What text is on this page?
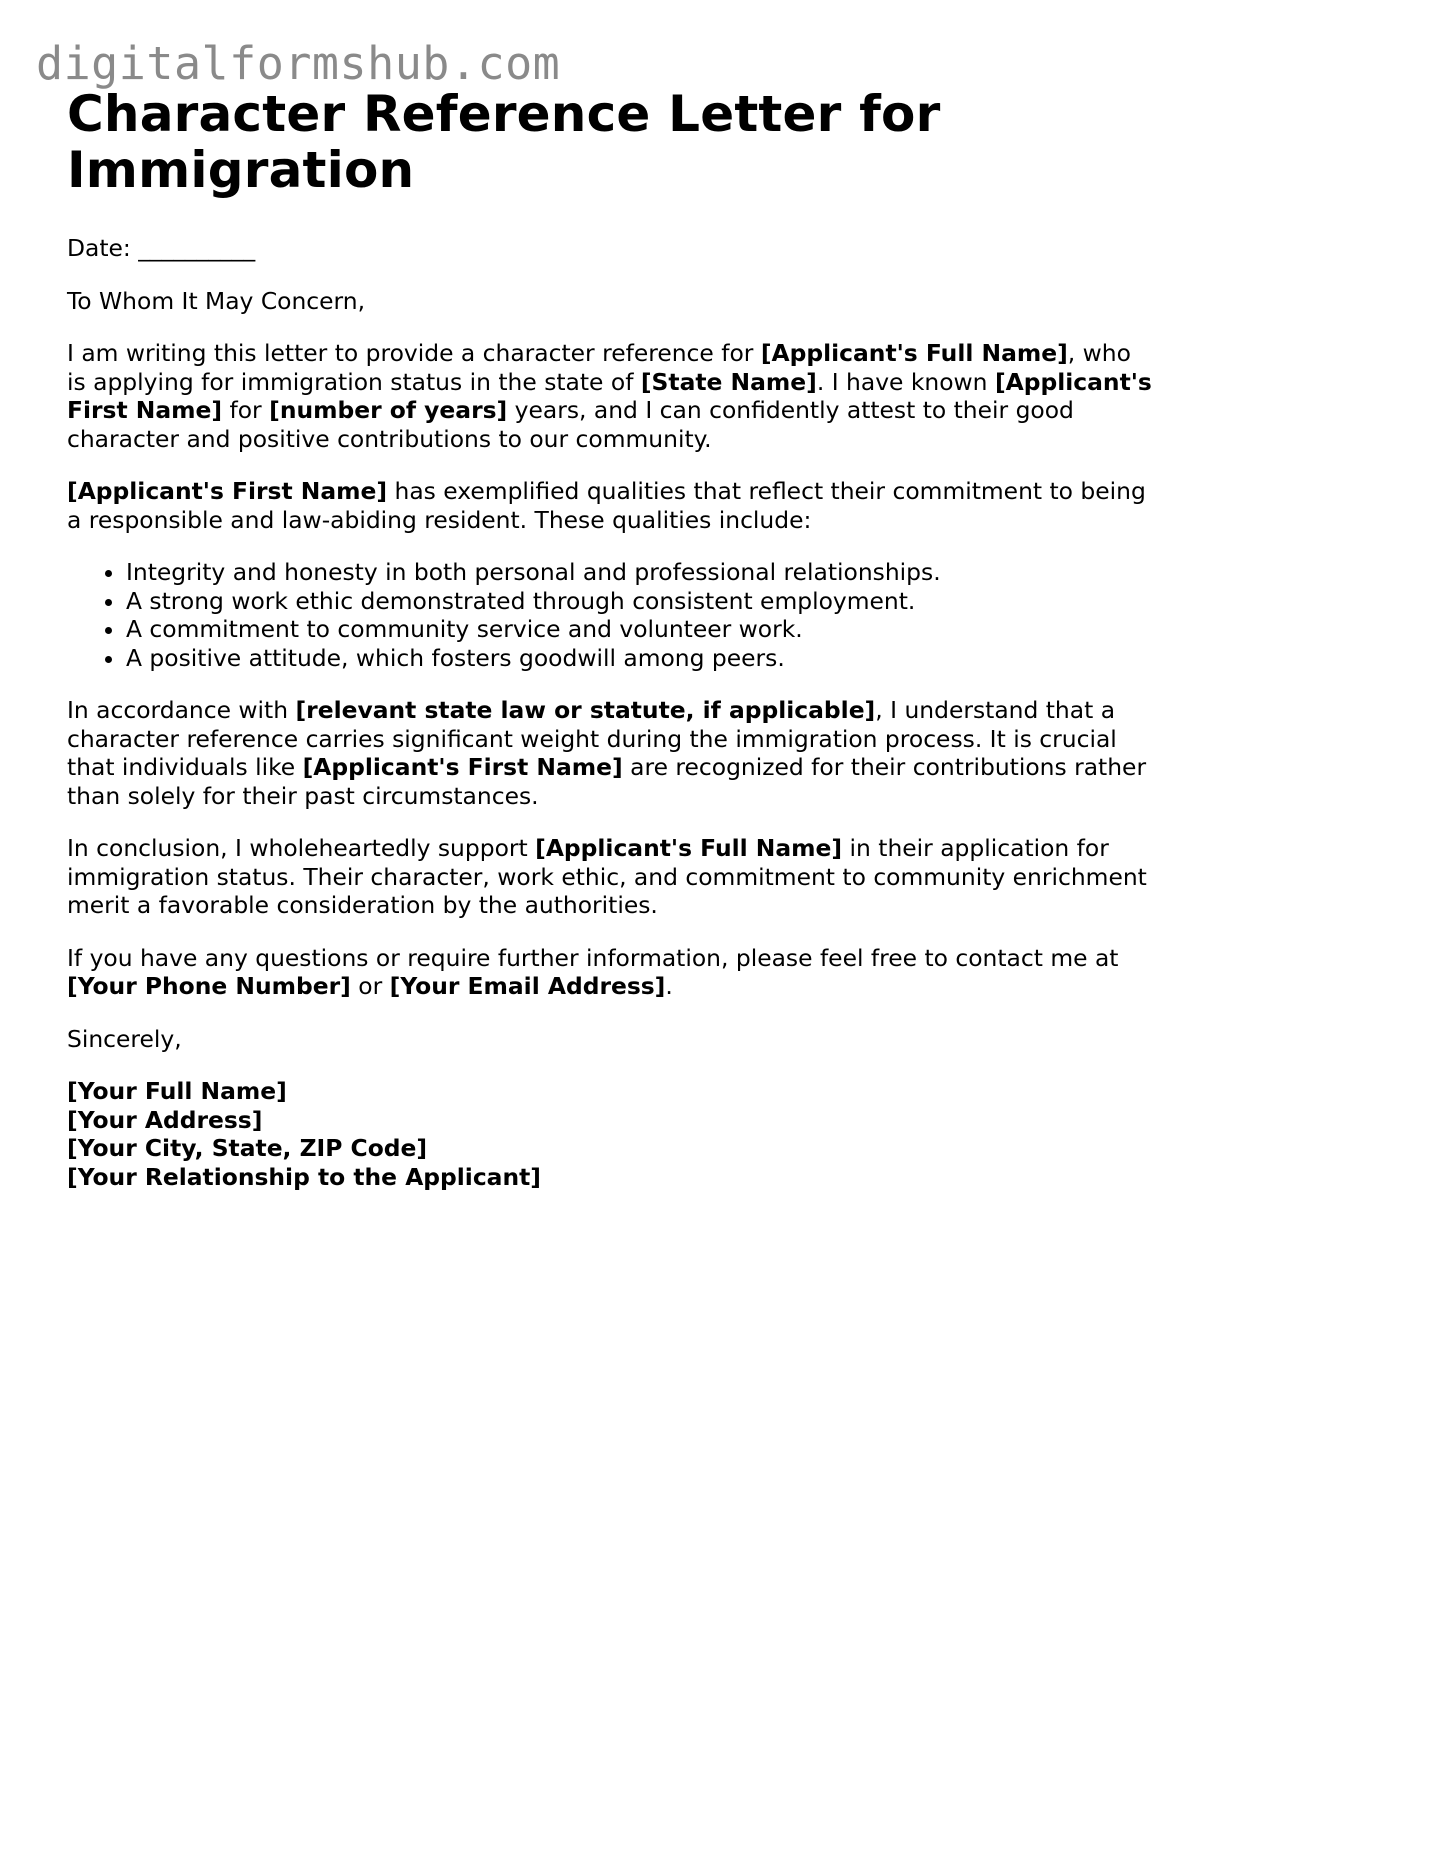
digitalformshub.com
Character Reference Letter for Immigration

Date: __________

To Whom It May Concern,

I am writing this letter to provide a character reference for [Applicant's Full Name], who is applying for immigration status in the state of [State Name]. I have known [Applicant's First Name] for [number of years] years, and I can confidently attest to their good character and positive contributions to our community.

[Applicant's First Name] has exemplified qualities that reflect their commitment to being a responsible and law-abiding resident. These qualities include:

• Integrity and honesty in both personal and professional relationships.
• A strong work ethic demonstrated through consistent employment.
• A commitment to community service and volunteer work.
• A positive attitude, which fosters goodwill among peers.

In accordance with [relevant state law or statute, if applicable], I understand that a character reference carries significant weight during the immigration process. It is crucial that individuals like [Applicant's First Name] are recognized for their contributions rather than solely for their past circumstances.

In conclusion, I wholeheartedly support [Applicant's Full Name] in their application for immigration status. Their character, work ethic, and commitment to community enrichment merit a favorable consideration by the authorities.

If you have any questions or require further information, please feel free to contact me at [Your Phone Number] or [Your Email Address].

Sincerely,

[Your Full Name]
[Your Address]
[Your City, State, ZIP Code]
[Your Relationship to the Applicant]
